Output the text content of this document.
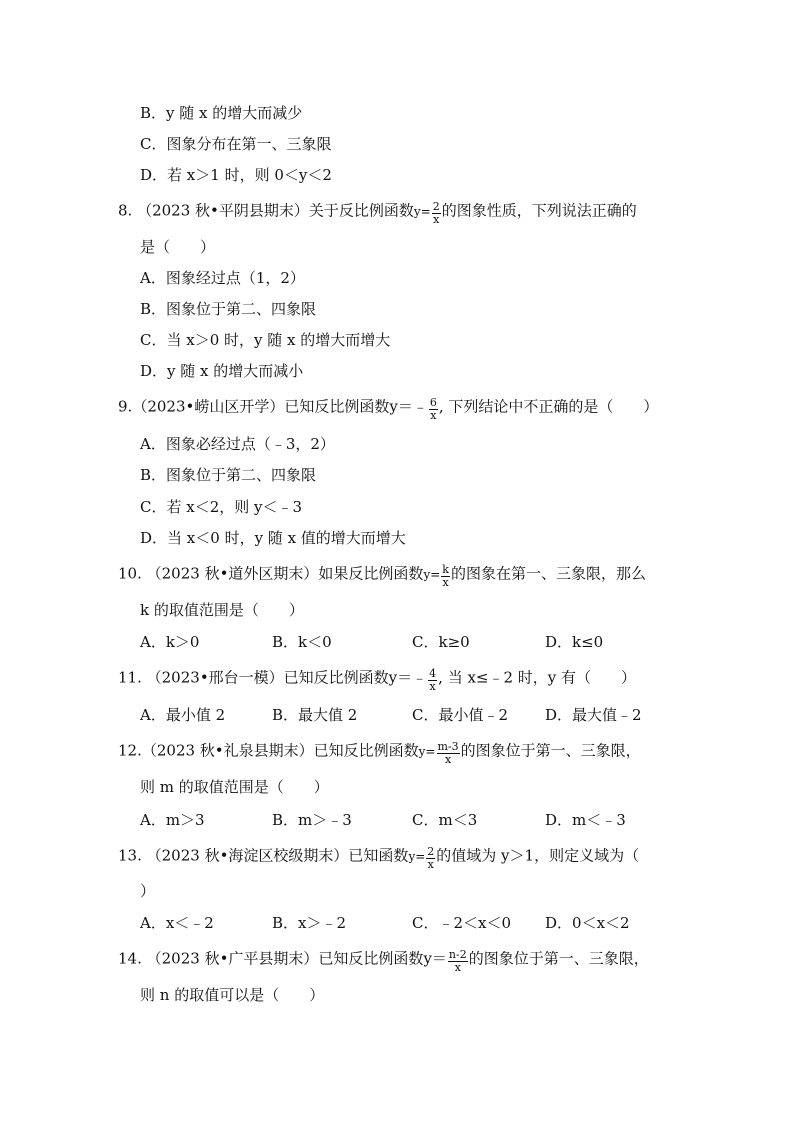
B．y 随 x 的增大而减少
C．图象分布在第一、三象限
D．若 x＞1 时，则 0＜y＜2
8. （2023 秋•平阴县期末）关于反比例函数$y= \frac{2}{x}$ 的图象性质，下列说法正确的
是（　　）
A．图象经过点（1，2）
B．图象位于第二、四象限
C．当 x＞0 时，y 随 x 的增大而增大
D．y 随 x 的增大而减小
9.（2023•崂山区开学）已知反比例函数y＝﹣ $\frac{6}{x}$ , 下列结论中不正确的是（　　）
A．图象必经过点（﹣3，2）
B．图象位于第二、四象限
C．若 x＜2，则 y＜﹣3
D．当 x＜0 时，y 随 x 值的增大而增大
10. （2023 秋•道外区期末）如果反比例函数$y= \frac{k}{x}$ 的图象在第一、三象限，那么
k 的取值范围是（　　）
A．k＞0	B．k＜0	C．k≥0	D．k≤0
11. （2023•邢台一模）已知反比例函数y＝﹣ $\frac{4}{x}$ , 当 x≤﹣2 时，y 有（　　）
A．最小值 2	B．最大值 2	C．最小值﹣2 D．最大值﹣2
12.（2023 秋•礼泉县期末）已知反比例函数$y= \frac{m-3}{x}$ 的图象位于第一、三象限，
则 m 的取值范围是（　　）
A．m＞3	B．m＞﹣3	C．m＜3	D．m＜﹣3
13. （2023 秋•海淀区校级期末）已知函数$y= \frac{2}{x}$ 的值域为 y＞1，则定义域为（
）
A．x＜﹣2	B．x＞﹣2	C．﹣2＜x＜0 D．0＜x＜2
14. （2023 秋•广平县期末）已知反比例函数$y= \frac{n-2}{x}$ 的图象位于第一、三象限，
则 n 的取值可以是（　　）
